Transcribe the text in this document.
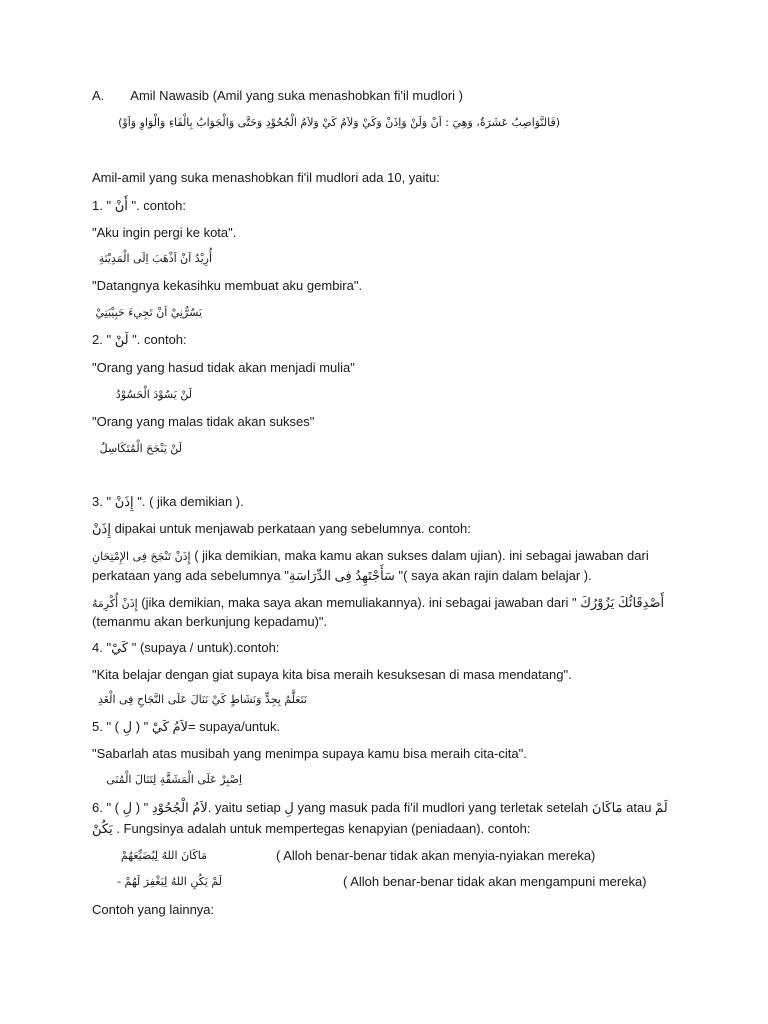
A. Amil Nawasib (Amil yang suka menashobkan fi'il mudlori )
(فَالنَّوَاصِبُ عَشَرَةٌ، وَهِيَ : اَنْ وَلَنْ وَاِذَنْ وَكَيْ وَلاَمُ كَيْ وَلاَمُ الْجُحُوْدِ وَحَتَّى وَالْجَوَابُ بِالْفَاءِ وَالْوَاوِ وَاَوْ)
Amil-amil yang suka menashobkan fi'il mudlori ada 10, yaitu:
1. " أَنْ ". contoh:
"Aku ingin pergi ke kota".
أُرِيْدُ اَنْ اَذْهَبَ اِلَى الْمَدِيْنَةِ
"Datangnya kekasihku membuat aku gembira".
يَسُرُّنِيْ اَنْ تَجِيءَ حَبِيْبَتِيْ
2. " لَنْ ". contoh:
"Orang yang hasud tidak akan menjadi mulia"
لَنْ يَسُوْدَ الْحَسُوْدُ
"Orang yang malas tidak akan sukses"
لَنْ يَنْجَحَ الْمُتَكَاسِلُ
3. " إِذَنْ ". ( jika demikian ).
إِذَنْ dipakai untuk menjawab perkataan yang sebelumnya. contoh:
إِذَنْ تَنْجَحَ فِى الإِمْتِحَانِ ( jika demikian, maka kamu akan sukses dalam ujian). ini sebagai jawaban dari
perkataan yang ada sebelumnya "سَأَجْتَهِدُ فِى الدِّرَاسَةِ "( saya akan rajin dalam belajar ).
إِذَنْ أُكْرِمَهُ (jika demikian, maka saya akan memuliakannya). ini sebagai jawaban dari " أَصْدِقَائُكَ يَزُوْرُكَ
(temanmu akan berkunjung kepadamu)".
4. "كَيْ " (supaya / untuk).contoh:
"Kita belajar dengan giat supaya kita bisa meraih kesuksesan di masa mendatang".
نَتَعَلَّمُ بِجِدٍّ وَنَشَاطٍ كَيْ نَنَالَ عَلَى النَّجَاحِ فِى الْغَدِ
5. " ( لِ ) " لاَمُ كَيْ= supaya/untuk.
"Sabarlah atas musibah yang menimpa supaya kamu bisa meraih cita-cita".
اِصْبِرْ عَلَى الْمَشَقَّةِ لِتَنَالَ الْمُنَى
6. " ( لِ ) " لاَمُ الْجُحُوْدِ. yaitu setiap لِ yang masuk pada fi'il mudlori yang terletak setelah مَاكَانَ atau لَمْ
يَكُنْ . Fungsinya adalah untuk mempertegas kenapyian (peniadaan). contoh:
مَاكَانَ اللهُ لِيُضَيِّعَهُمْ	( Alloh benar-benar tidak akan menyia-nyiakan mereka)
لَمْ يَكُنِ اللهُ لِيَغْفِرَ لَهُمْ -	( Alloh benar-benar tidak akan mengampuni mereka)
Contoh yang lainnya:
